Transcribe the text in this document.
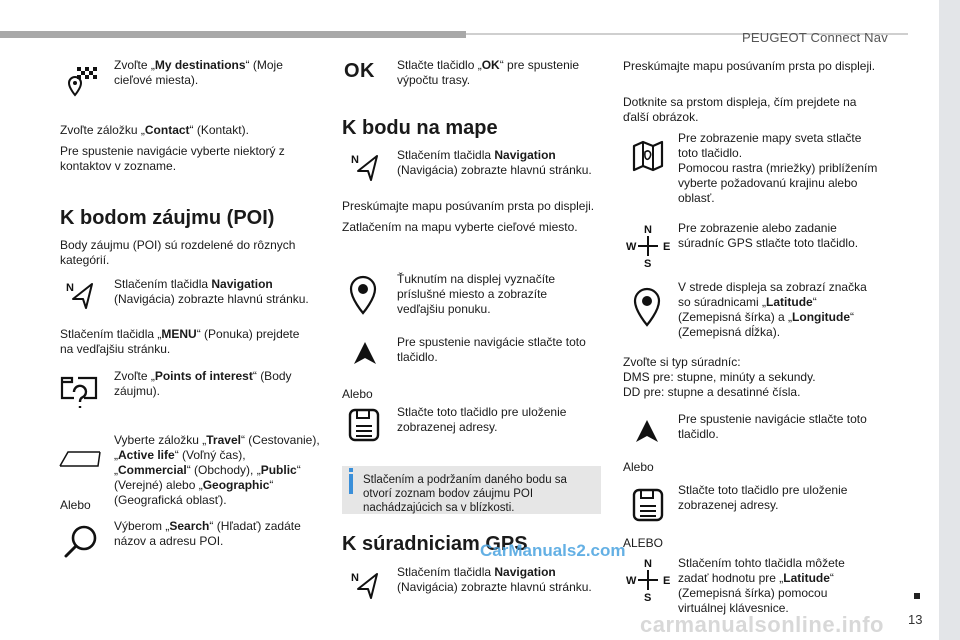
PEUGEOT Connect Nav
13
Zvoľte „My destinations“ (Moje cieľové miesta).
Zvoľte záložku „Contact“ (Kontakt).
Pre spustenie navigácie vyberte niektorý z kontaktov v zozname.
K bodom záujmu (POI)
Body záujmu (POI) sú rozdelené do rôznych kategórií.
N	Stlačením tlačidla Navigation
(Navigácia) zobrazte hlavnú stránku.
Stlačením tlačidla „MENU“ (Ponuka) prejdete na vedľajšiu stránku.
Zvoľte „Points of interest“ (Body záujmu).
Vyberte záložku „Travel“ (Cestovanie), „Active life“ (Voľný čas), „Commercial“ (Obchody), „Public“ (Verejné) alebo „Geographic“ (Geografická oblasť).
Alebo
Výberom „Search“ (Hľadať) zadáte názov a adresu POI.
OK Stlačte tlačidlo „OK“ pre spustenie výpočtu trasy.
K bodu na mape
N	Stlačením tlačidla Navigation
(Navigácia) zobrazte hlavnú stránku.
Preskúmajte mapu posúvaním prsta po displeji.
Zatlačením na mapu vyberte cieľové miesto.
Ťuknutím na displej vyznačíte príslušné miesto a zobrazíte vedľajšiu ponuku.
Pre spustenie navigácie stlačte toto tlačidlo.
Alebo
Stlačte toto tlačidlo pre uloženie zobrazenej adresy.
Stlačením a podržaním daného bodu sa otvorí zoznam bodov záujmu POI nachádzajúcich sa v blízkosti.
K súradniciam GPS
N	Stlačením tlačidla Navigation
(Navigácia) zobrazte hlavnú stránku.
Preskúmajte mapu posúvaním prsta po displeji.
Dotknite sa prstom displeja, čím prejdete na ďalší obrázok.
Pre zobrazenie mapy sveta stlačte toto tlačidlo.
Pomocou rastra (mriežky) priblížením vyberte požadovanú krajinu alebo oblasť.
N
S
W E
Pre zobrazenie alebo zadanie súradníc GPS stlačte toto tlačidlo.
V strede displeja sa zobrazí značka so súradnicami „Latitude“ (Zemepisná šírka) a „Longitude“ (Zemepisná dĺžka).
Zvoľte si typ súradníc:
DMS pre: stupne, minúty a sekundy.
DD pre: stupne a desatinné čísla.
Pre spustenie navigácie stlačte toto tlačidlo.
Alebo
Stlačte toto tlačidlo pre uloženie zobrazenej adresy.
ALEBO
N
S
W E
Stlačením tohto tlačidla môžete zadať hodnotu pre „Latitude“ (Zemepisná šírka) pomocou virtuálnej klávesnice.
CarManuals2.com
carmanualsonline.info
